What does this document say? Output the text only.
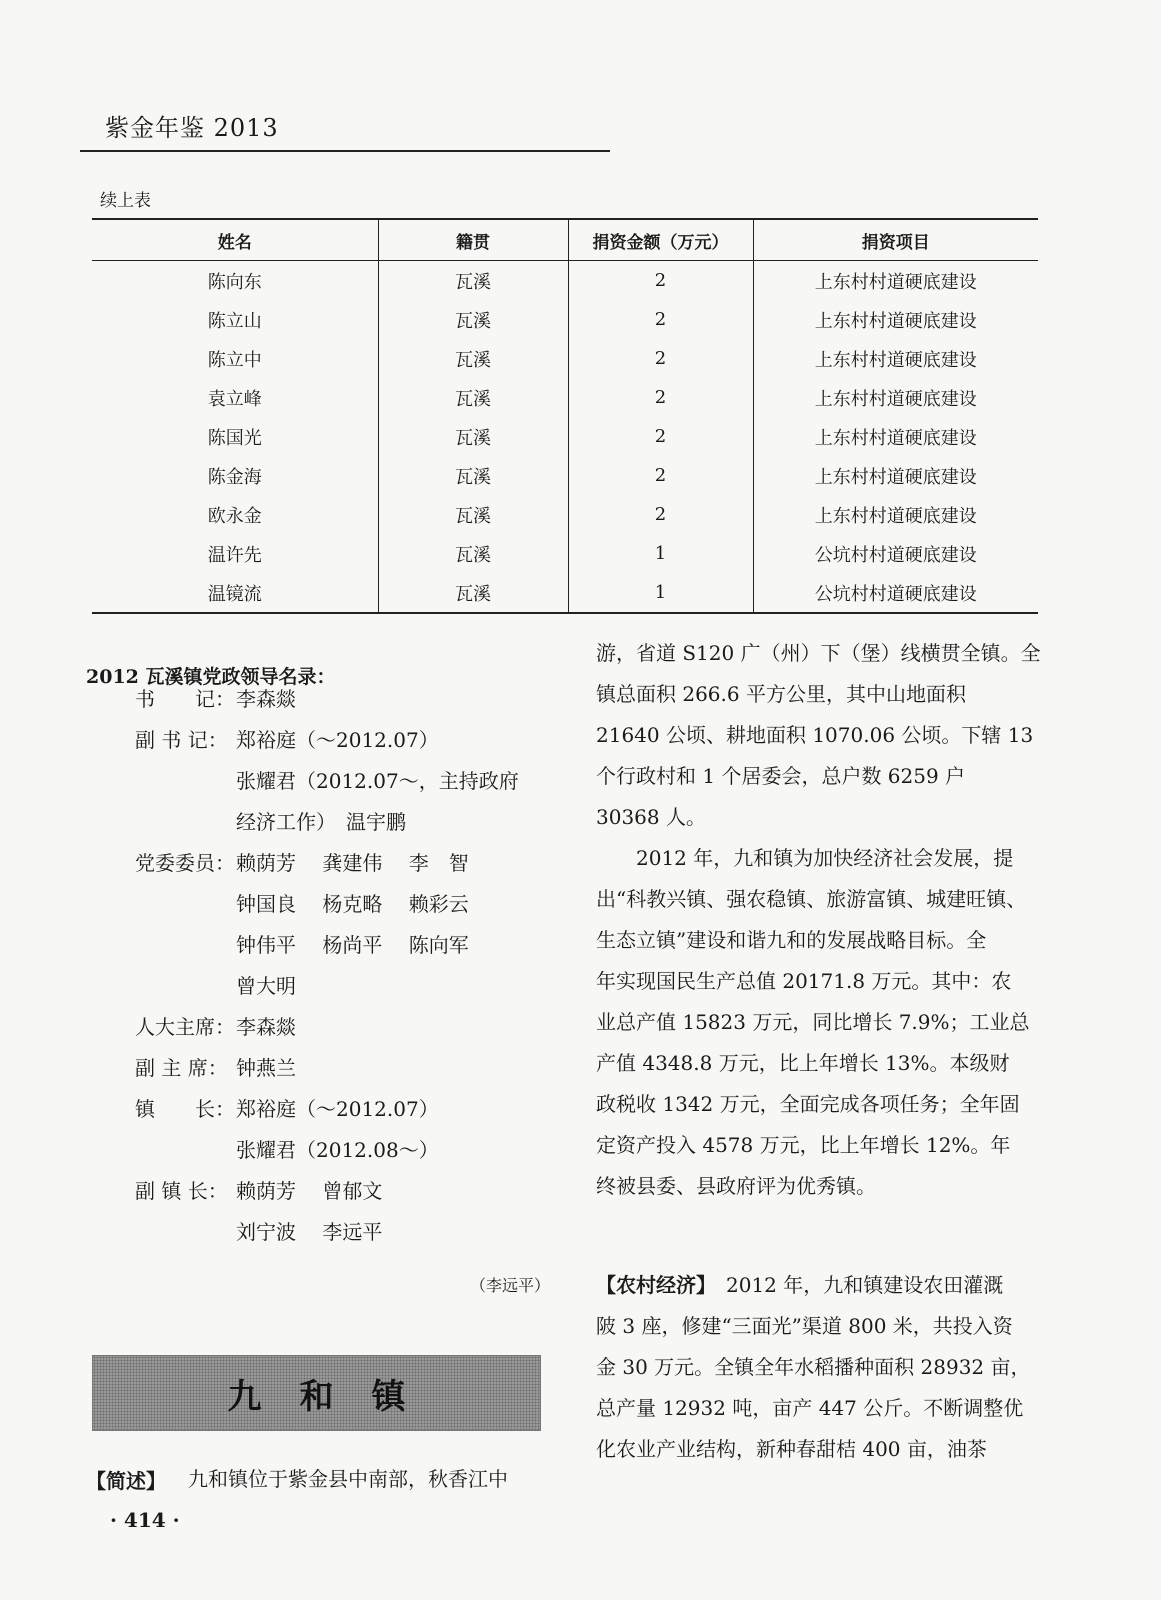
紫金年鉴 2013
续上表
姓名	籍贯	捐资金额（万元）	捐资项目
陈向东	瓦溪	2	上东村村道硬底建设
陈立山	瓦溪	2	上东村村道硬底建设
陈立中	瓦溪	2	上东村村道硬底建设
袁立峰	瓦溪	2	上东村村道硬底建设
陈国光	瓦溪	2	上东村村道硬底建设
陈金海	瓦溪	2	上东村村道硬底建设
欧永金	瓦溪	2	上东村村道硬底建设
温许先	瓦溪	1	公坑村村道硬底建设
温镜流	瓦溪	1	公坑村村道硬底建设
2012 瓦溪镇党政领导名录：
书　　记： 李森燚
副 书 记： 郑裕庭（～2012.07）
张耀君（2012.07～，主持政府
经济工作）　温宇鹏
党委委员： 赖荫芳　 龚建伟　 李　智
钟国良　 杨克略　 赖彩云
钟伟平　 杨尚平　 陈向军
曾大明
人大主席： 李森燚
副 主 席： 钟燕兰
镇　　长： 郑裕庭（～2012.07）
张耀君（2012.08～）
副 镇 长： 赖荫芳　 曾郁文
刘宁波　 李远平
（李远平）
九和镇
【简述】 九和镇位于紫金县中南部，秋香江中
· 414 ·
游，省道 S120 广（州）下（堡）线横贯全镇。全
镇总面积 266.6 平方公里，其中山地面积
21640 公顷、耕地面积 1070.06 公顷。下辖 13
个行政村和 1 个居委会，总户数 6259 户
30368 人。
　　2012 年，九和镇为加快经济社会发展，提
出“科教兴镇、强农稳镇、旅游富镇、城建旺镇、
生态立镇”建设和谐九和的发展战略目标。全
年实现国民生产总值 20171.8 万元。其中：农
业总产值 15823 万元，同比增长 7.9%；工业总
产值 4348.8 万元，比上年增长 13%。本级财
政税收 1342 万元，全面完成各项任务；全年固
定资产投入 4578 万元，比上年增长 12%。年
终被县委、县政府评为优秀镇。
【农村经济】　2012 年，九和镇建设农田灌溉
陂 3 座，修建“三面光”渠道 800 米，共投入资
金 30 万元。全镇全年水稻播种面积 28932 亩，
总产量 12932 吨，亩产 447 公斤。不断调整优
化农业产业结构，新种春甜桔 400 亩，油茶
